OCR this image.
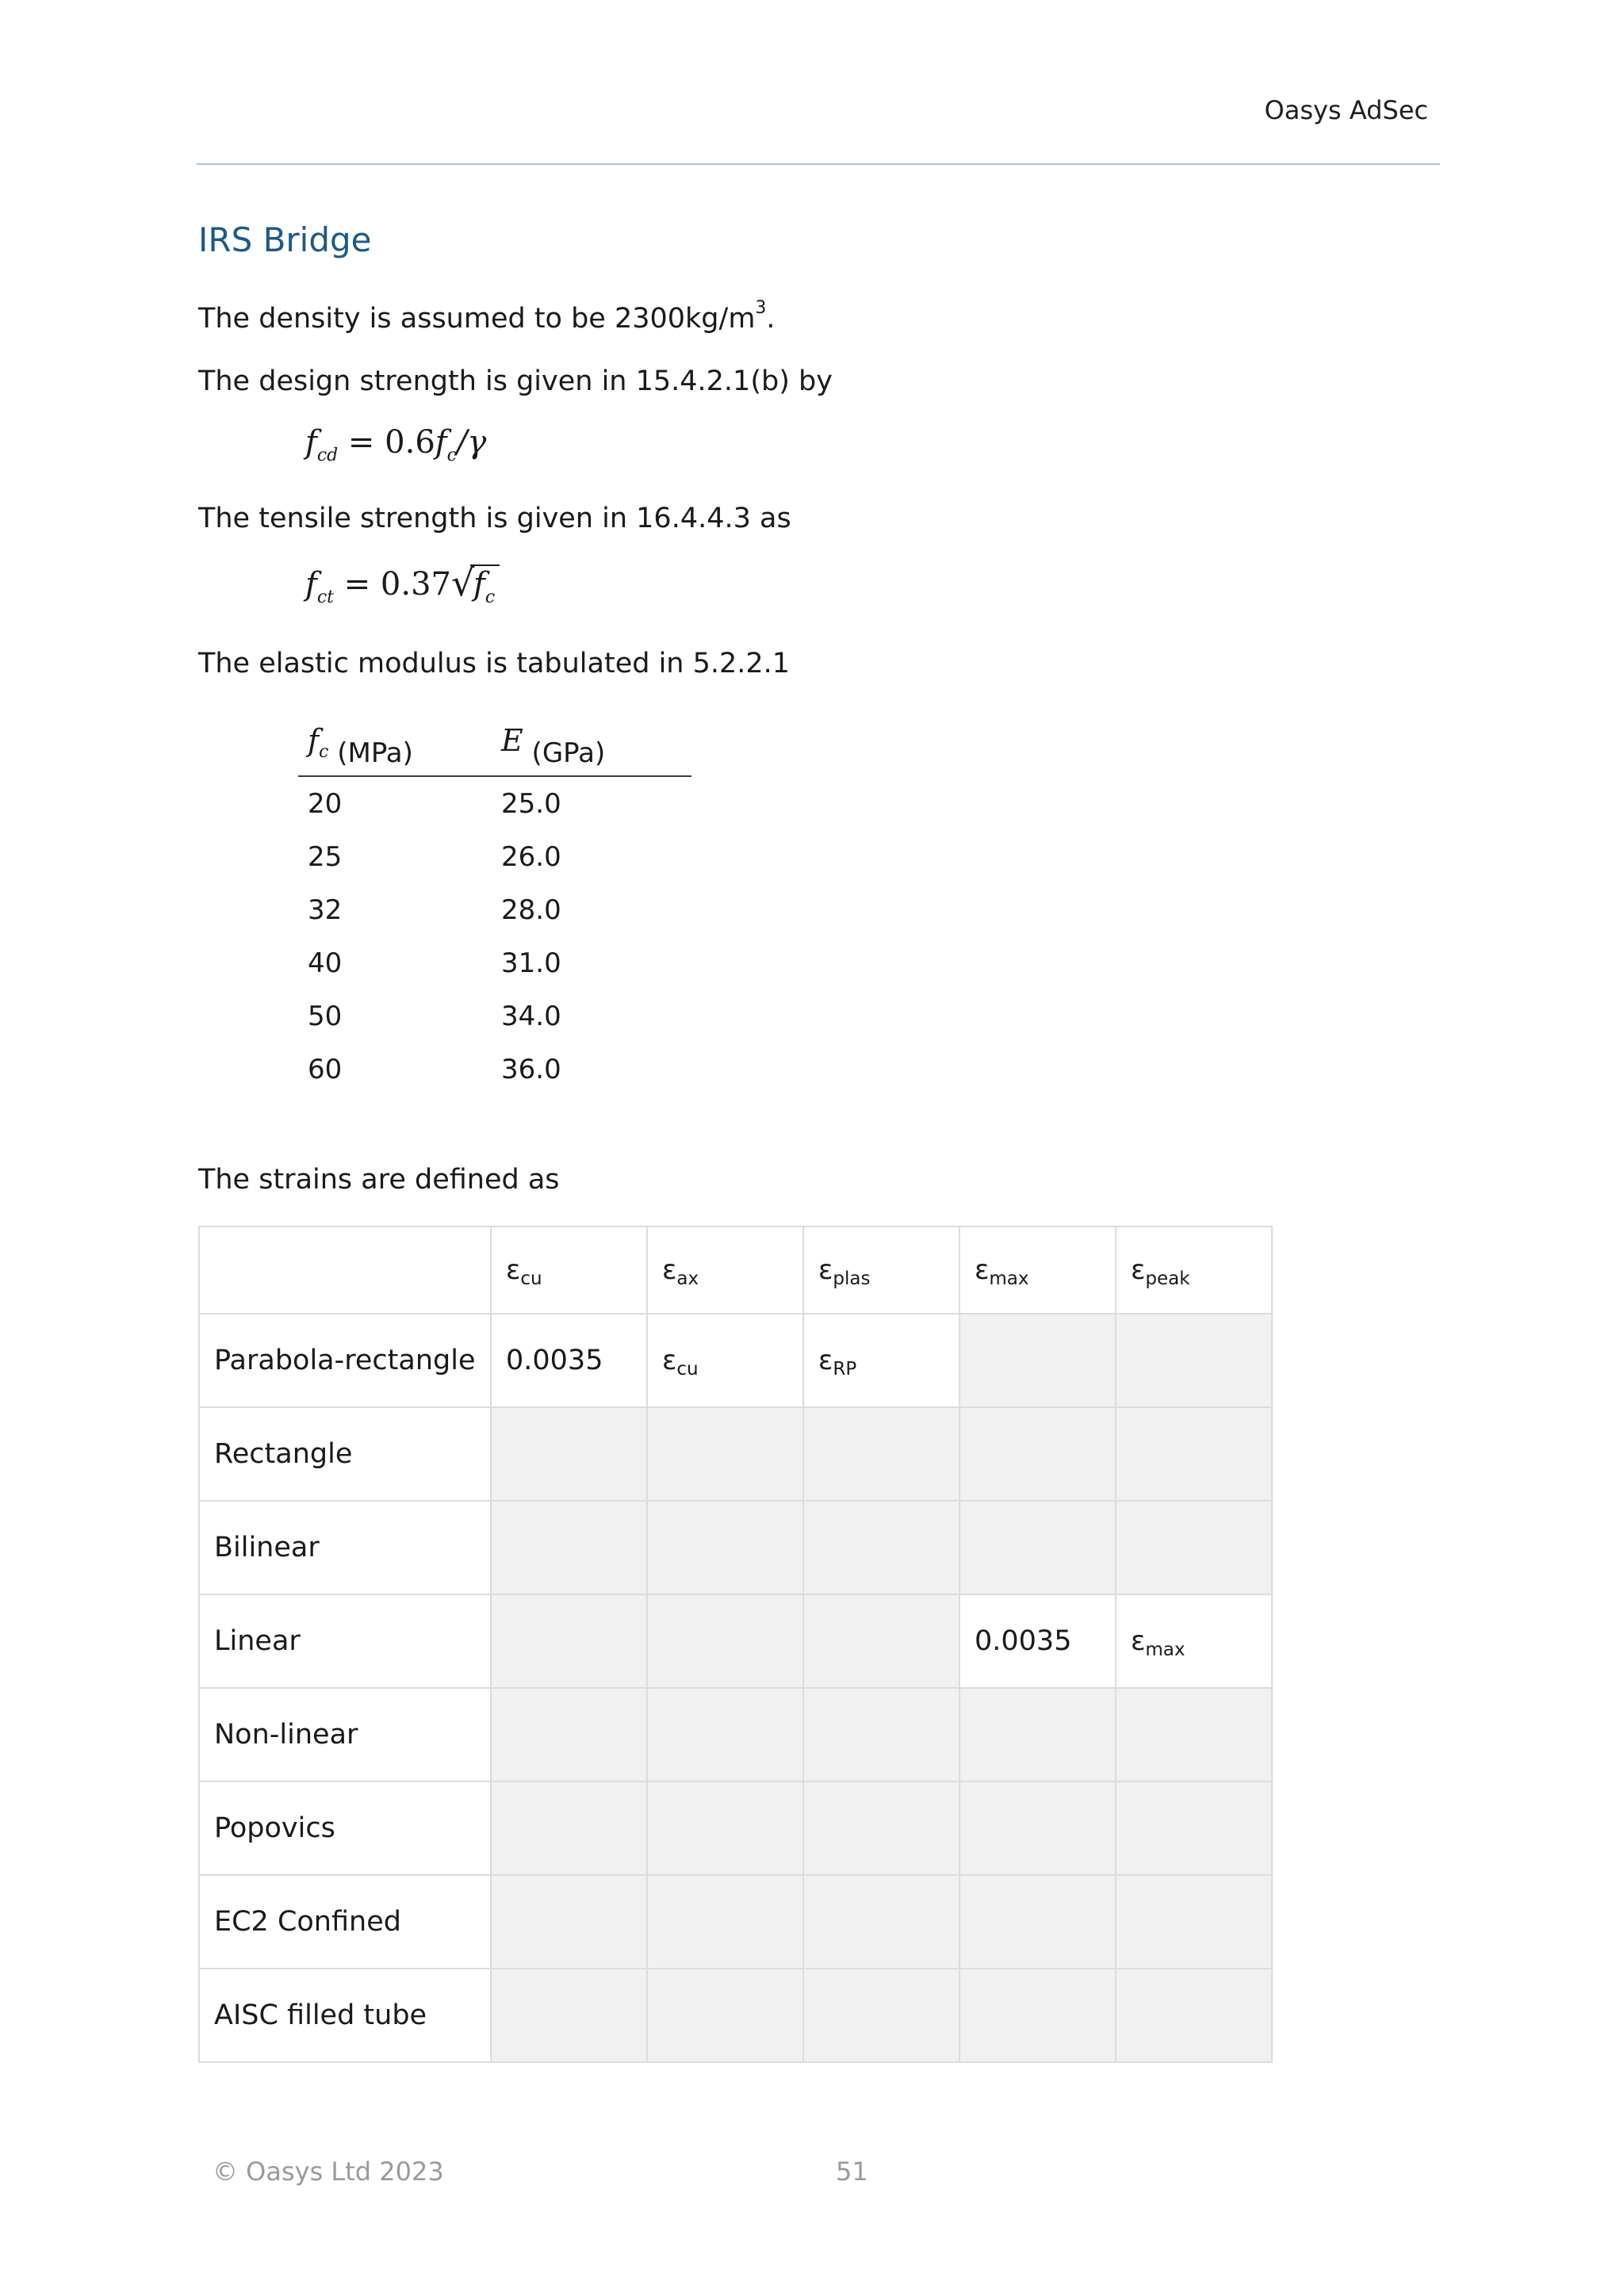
Oasys AdSec
IRS Bridge

The density is assumed to be $2300kg/m^3$.

The design strength is given in 15.4.2.1(b) by

$f_{cd} = 0.6f_c/\gamma$

The tensile strength is given in 16.4.4.3 as

$f_{ct} = 0.37$ √
$f_c$

The elastic modulus is tabulated in 5.2.2.1

fc (MPa)	E (GPa)
20	25.0
25	26.0
32	28.0
40	31.0
50	34.0
60	36.0

The strains are defined as

	$\varepsilon_{cu}$	$\varepsilon_{ax}$	$\varepsilon_{plas}$	$\varepsilon_{max}$	$\varepsilon_{peak}$
Parabola-rectangle	0.0035	$\varepsilon_{cu}$	$\varepsilon_{RP}$		
Rectangle					
Bilinear					
Linear				0.0035	$\varepsilon_{max}$
Non-linear					
Popovics					
EC2 Confined					
AISC filled tube					
© Oasys Ltd 2023	51
